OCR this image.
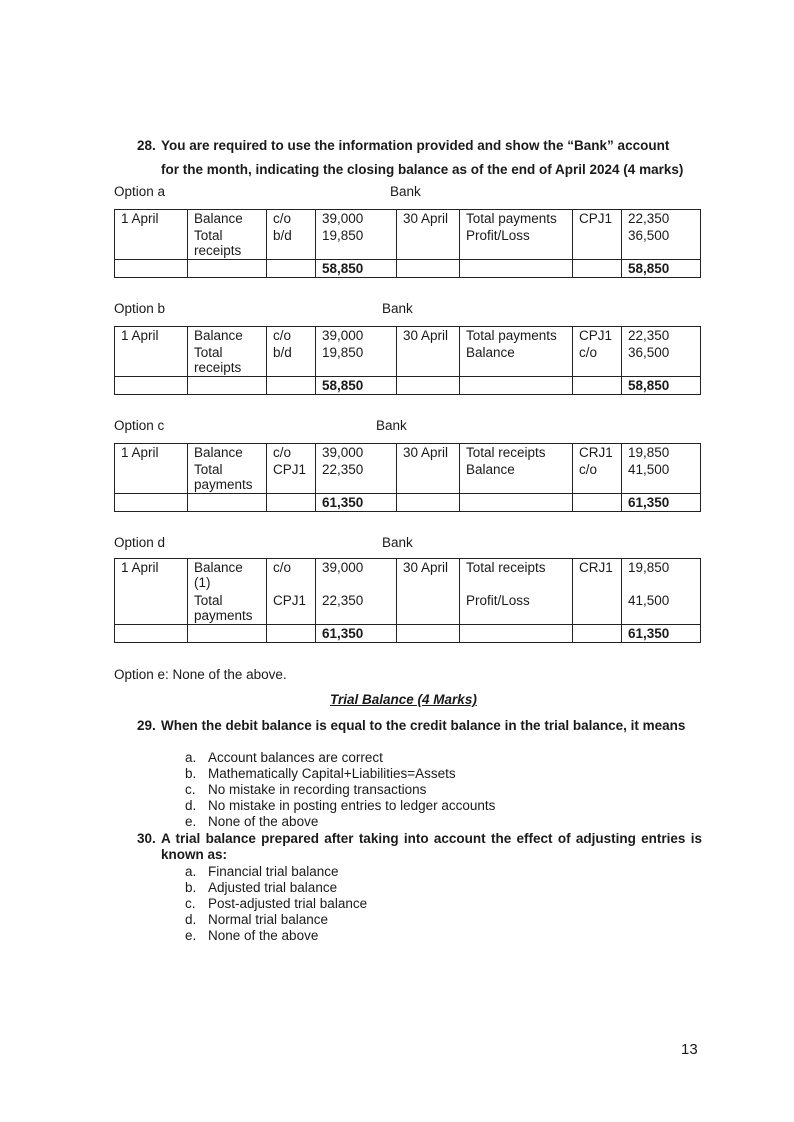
28. You are required to use the information provided and show the “Bank” account
for the month, indicating the closing balance as of the end of April 2024 (4 marks)
Option a	Bank
1 April	Balance	c/o	39,000	30 April	Total payments	CPJ1	22,350
	Total receipts	b/d	19,850		Profit/Loss		36,500
			58,850				58,850
Option b	Bank
1 April	Balance	c/o	39,000	30 April	Total payments	CPJ1	22,350
	Total receipts	b/d	19,850		Balance	c/o	36,500
			58,850				58,850
Option c	Bank
1 April	Balance	c/o	39,000	30 April	Total receipts	CRJ1	19,850
	Total payments	CPJ1	22,350		Balance	c/o	41,500
			61,350				61,350
Option d	Bank
1 April	Balance (1)	c/o	39,000	30 April	Total receipts	CRJ1	19,850
	Total payments	CPJ1	22,350		Profit/Loss		41,500
			61,350				61,350
Option e: None of the above.
Trial Balance (4 Marks)
29. When the debit balance is equal to the credit balance in the trial balance, it means
a. Account balances are correct
b. Mathematically Capital+Liabilities=Assets
c. No mistake in recording transactions
d. No mistake in posting entries to ledger accounts
e. None of the above
30. A trial balance prepared after taking into account the effect of adjusting entries is known as:
a. Financial trial balance
b. Adjusted trial balance
c. Post-adjusted trial balance
d. Normal trial balance
e. None of the above
13
